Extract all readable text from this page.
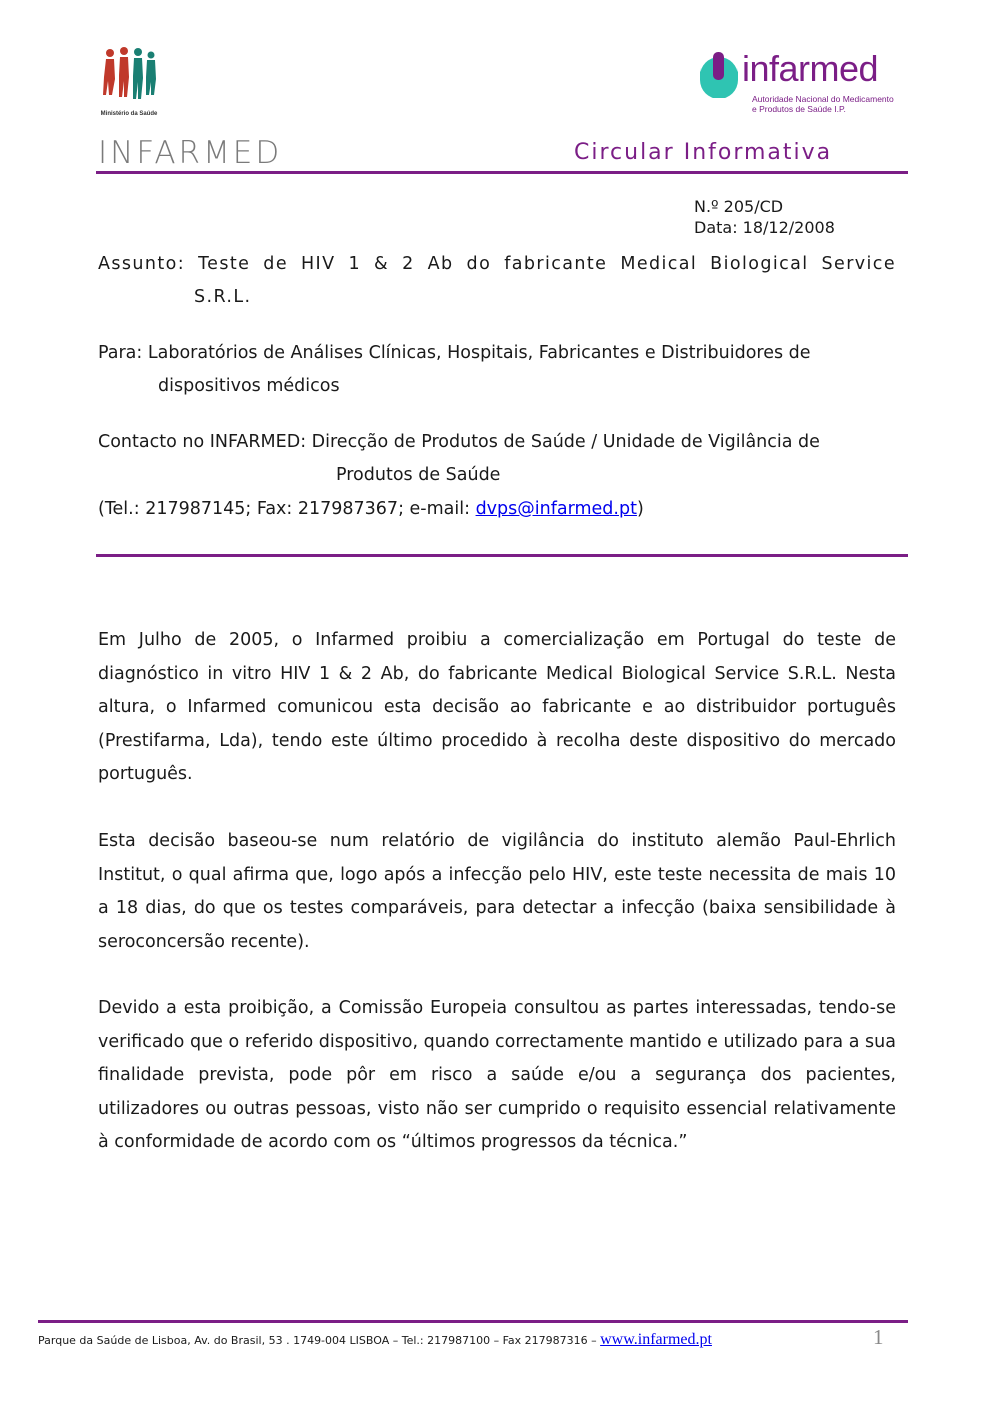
Ministério da Saúde
infarmed
Autoridade Nacional do Medicamento
e Produtos de Saúde I.P.
INFARMED	Circular Informativa
N.º 205/CD
Data: 18/12/2008
Assunto: Teste de HIV 1 & 2 Ab do fabricante Medical Biological Service
S.R.L.
Para: Laboratórios de Análises Clínicas, Hospitais, Fabricantes e Distribuidores de
dispositivos médicos
Contacto no INFARMED: Direcção de Produtos de Saúde / Unidade de Vigilância de
Produtos de Saúde
(Tel.: 217987145; Fax: 217987367; e-mail: dvps@infarmed.pt)
Em Julho de 2005, o Infarmed proibiu a comercialização em Portugal do teste de diagnóstico in vitro HIV 1 & 2 Ab, do fabricante Medical Biological Service S.R.L. Nesta altura, o Infarmed comunicou esta decisão ao fabricante e ao distribuidor português (Prestifarma, Lda), tendo este último procedido à recolha deste dispositivo do mercado português.
Esta decisão baseou-se num relatório de vigilância do instituto alemão Paul-Ehrlich Institut, o qual afirma que, logo após a infecção pelo HIV, este teste necessita de mais 10 a 18 dias, do que os testes comparáveis, para detectar a infecção (baixa sensibilidade à seroconcersão recente).
Devido a esta proibição, a Comissão Europeia consultou as partes interessadas, tendo-se verificado que o referido dispositivo, quando correctamente mantido e utilizado para a sua finalidade prevista, pode pôr em risco a saúde e/ou a segurança dos pacientes, utilizadores ou outras pessoas, visto não ser cumprido o requisito essencial relativamente à conformidade de acordo com os “últimos progressos da técnica.”
Parque da Saúde de Lisboa, Av. do Brasil, 53 . 1749-004 LISBOA – Tel.: 217987100 – Fax 217987316 – www.infarmed.pt	1
